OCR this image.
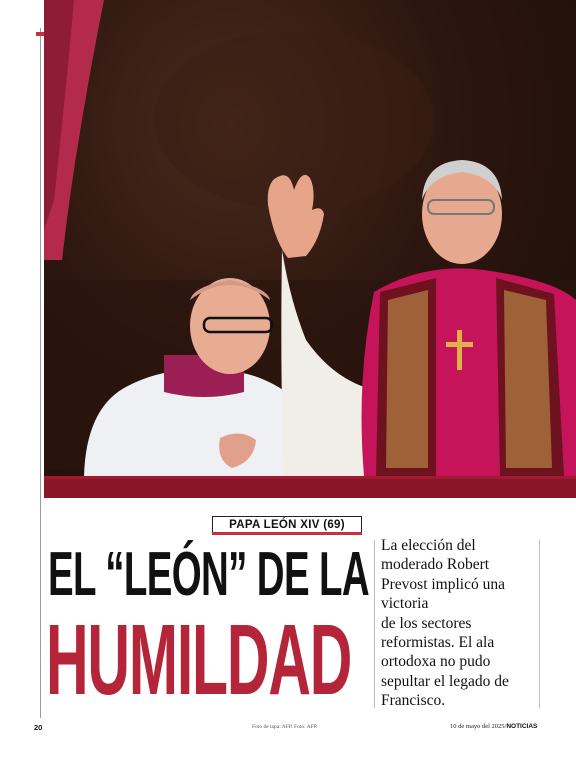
PAPA LEÓN XIV (69)
EL “LEÓN” DE LA
HUMILDAD
La elección del
moderado Robert
Prevost implicó una
victoria
de los sectores
reformistas. El ala
ortodoxa no pudo
sepultar el legado de
Francisco.
20	Foto de tapa: AFP. Foto: AFP.	10 de mayo del 2025/NOTICIAS
